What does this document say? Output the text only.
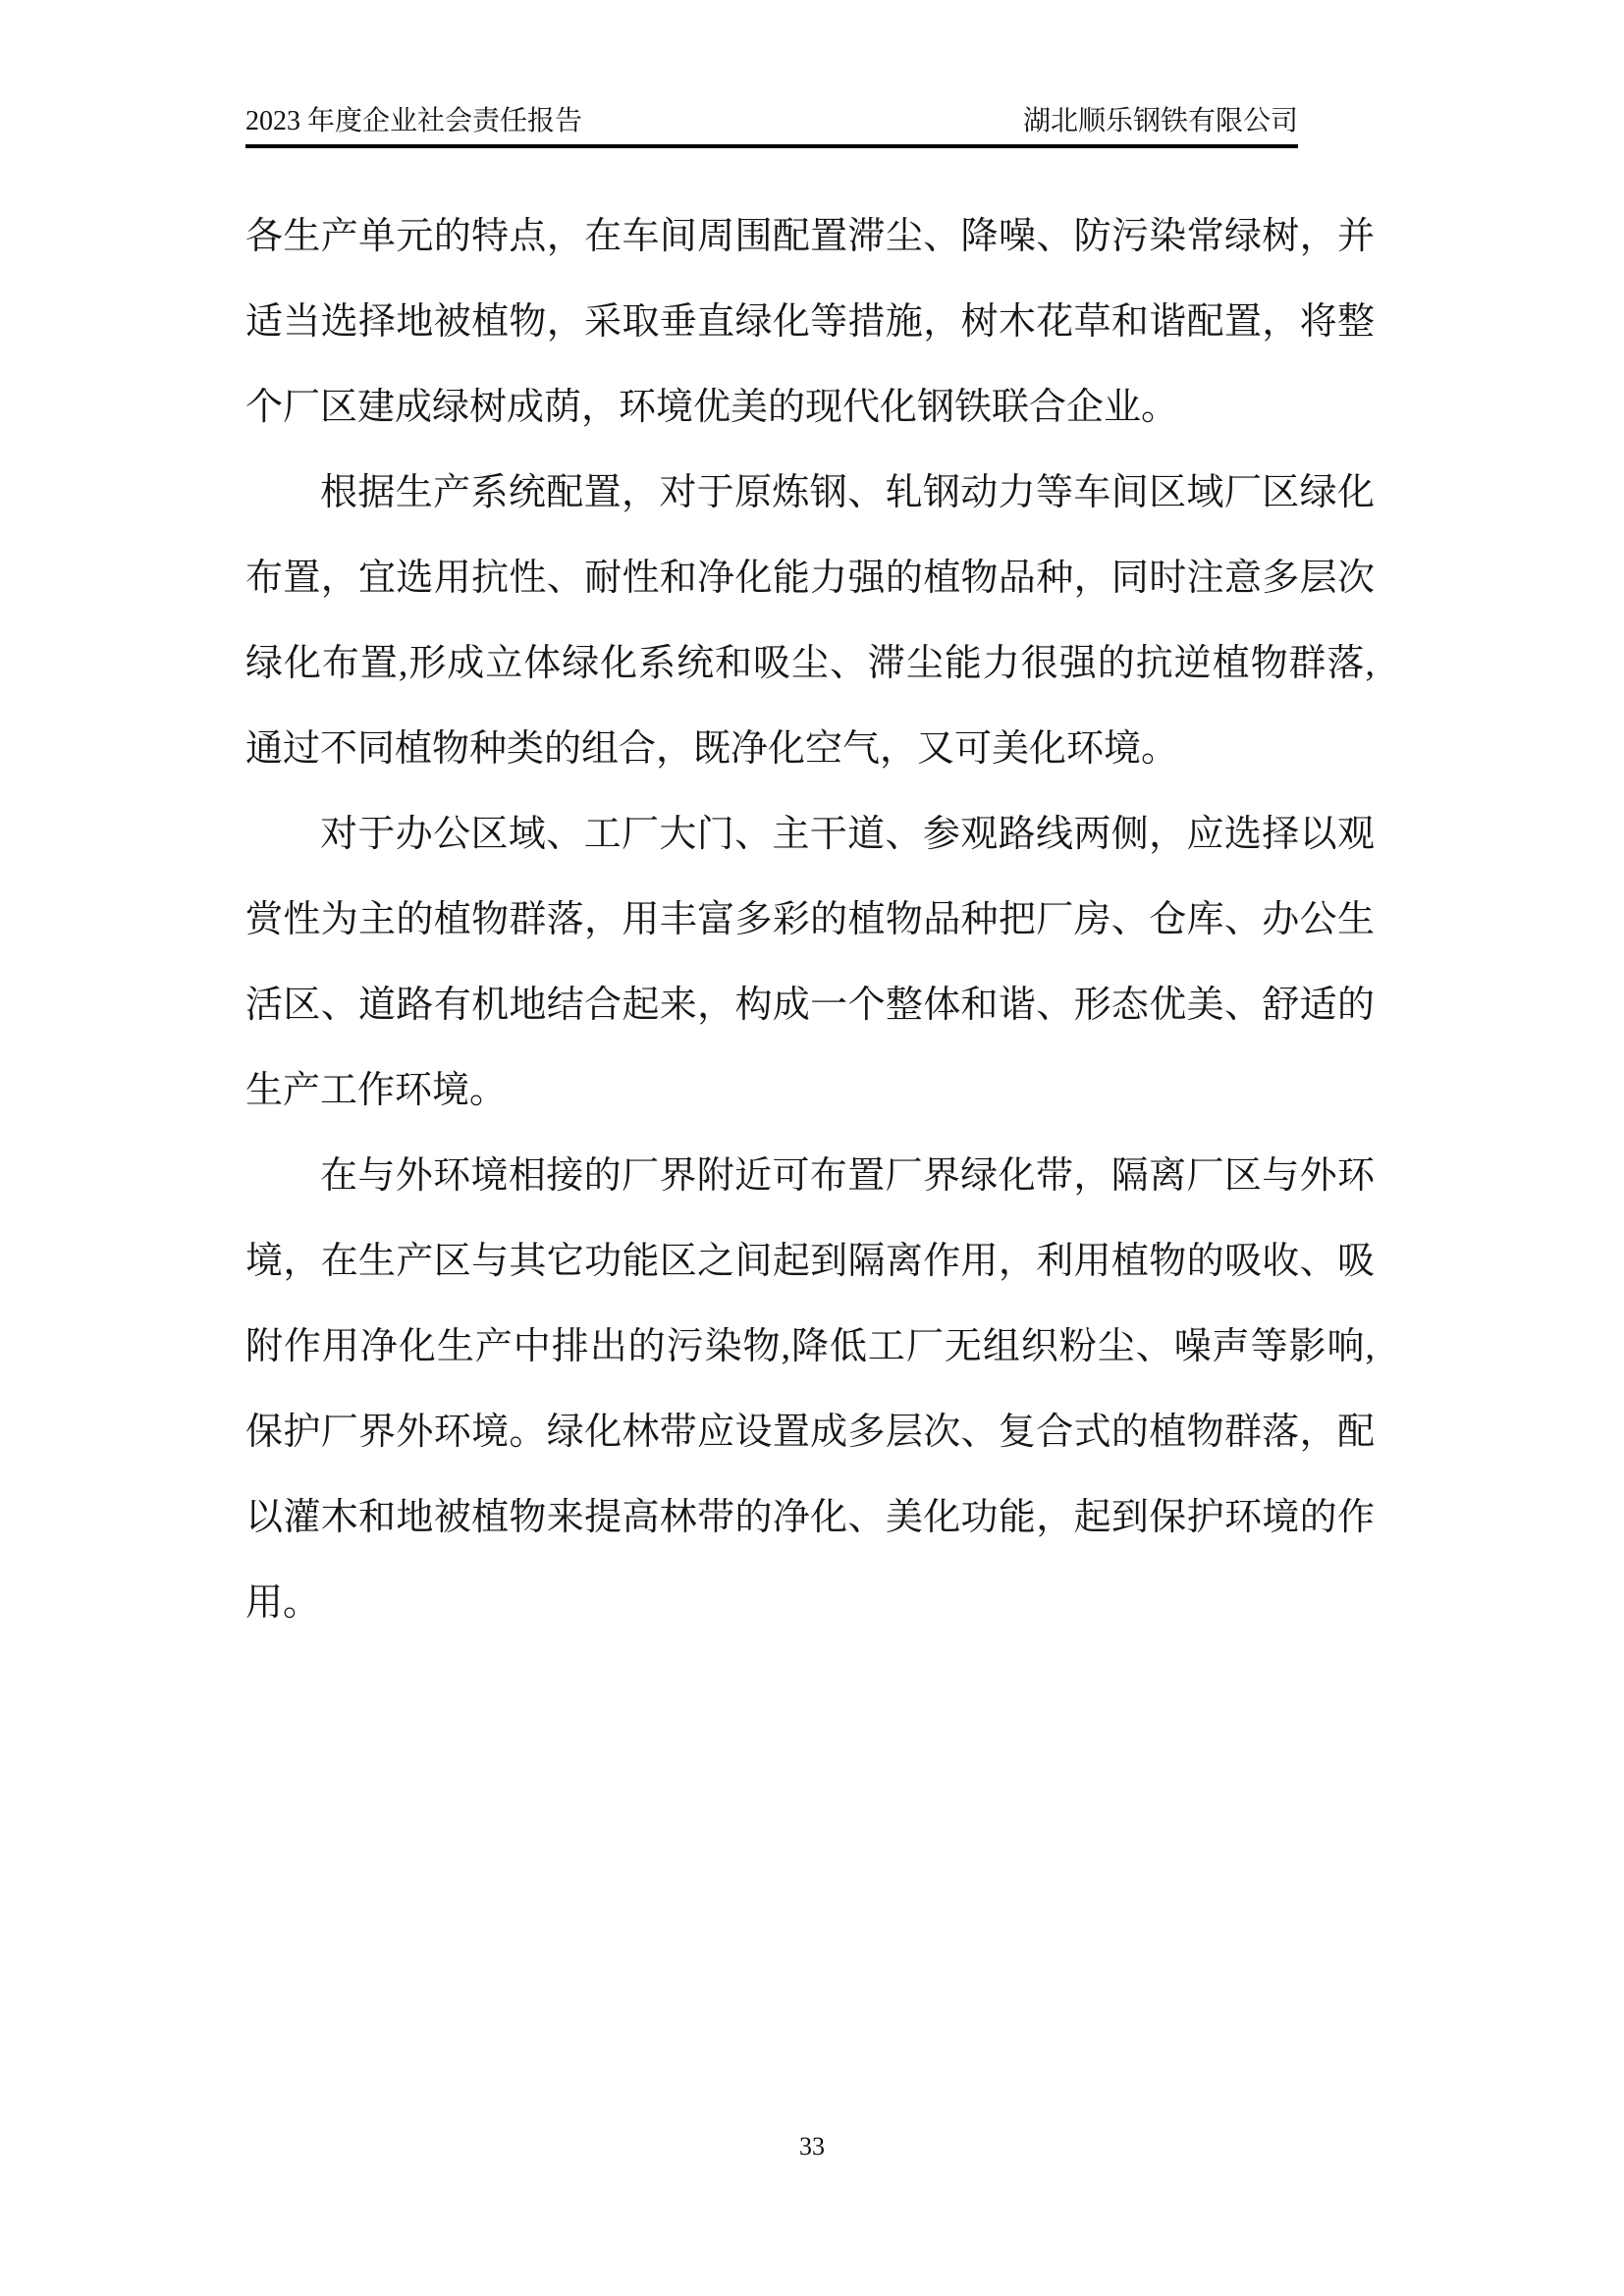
2023 年度企业社会责任报告	湖北顺乐钢铁有限公司

各生产单元的特点，在车间周围配置滞尘、降噪、防污染常绿树，并适当选择地被植物，采取垂直绿化等措施，树木花草和谐配置，将整个厂区建成绿树成荫，环境优美的现代化钢铁联合企业。

根据生产系统配置，对于原炼钢、轧钢动力等车间区域厂区绿化布置，宜选用抗性、耐性和净化能力强的植物品种，同时注意多层次绿化布置,形成立体绿化系统和吸尘、滞尘能力很强的抗逆植物群落,通过不同植物种类的组合，既净化空气，又可美化环境。

对于办公区域、工厂大门、主干道、参观路线两侧，应选择以观赏性为主的植物群落，用丰富多彩的植物品种把厂房、仓库、办公生活区、道路有机地结合起来，构成一个整体和谐、形态优美、舒适的生产工作环境。

在与外环境相接的厂界附近可布置厂界绿化带，隔离厂区与外环境，在生产区与其它功能区之间起到隔离作用，利用植物的吸收、吸附作用净化生产中排出的污染物,降低工厂无组织粉尘、噪声等影响,保护厂界外环境。绿化林带应设置成多层次、复合式的植物群落，配以灌木和地被植物来提高林带的净化、美化功能，起到保护环境的作用。

33
